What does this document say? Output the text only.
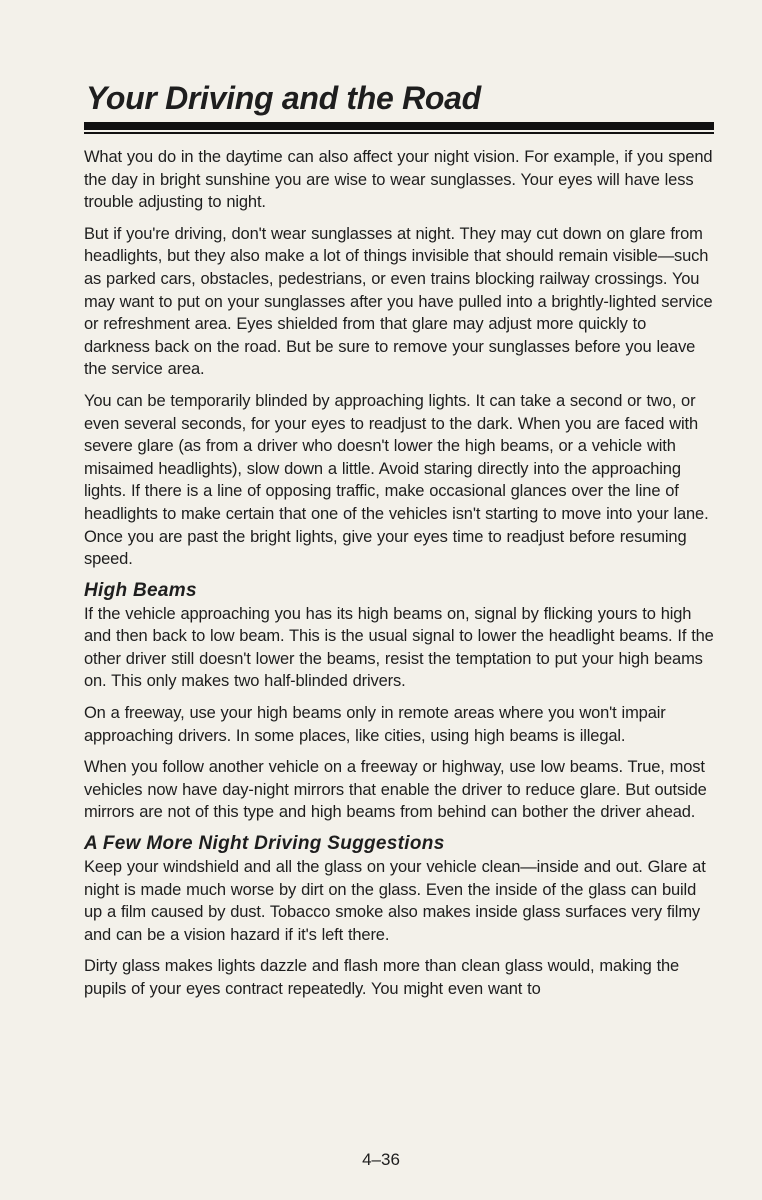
Your Driving and the Road

What you do in the daytime can also affect your night vision. For example, if you spend the day in bright sunshine you are wise to wear sunglasses. Your eyes will have less trouble adjusting to night.

But if you're driving, don't wear sunglasses at night. They may cut down on glare from headlights, but they also make a lot of things invisible that should remain visible—such as parked cars, obstacles, pedestrians, or even trains blocking railway crossings. You may want to put on your sunglasses after you have pulled into a brightly-lighted service or refreshment area. Eyes shielded from that glare may adjust more quickly to darkness back on the road. But be sure to remove your sunglasses before you leave the service area.

You can be temporarily blinded by approaching lights. It can take a second or two, or even several seconds, for your eyes to readjust to the dark. When you are faced with severe glare (as from a driver who doesn't lower the high beams, or a vehicle with misaimed headlights), slow down a little. Avoid staring directly into the approaching lights. If there is a line of opposing traffic, make occasional glances over the line of headlights to make certain that one of the vehicles isn't starting to move into your lane. Once you are past the bright lights, give your eyes time to readjust before resuming speed.

High Beams

If the vehicle approaching you has its high beams on, signal by flicking yours to high and then back to low beam. This is the usual signal to lower the headlight beams. If the other driver still doesn't lower the beams, resist the temptation to put your high beams on. This only makes two half-blinded drivers.

On a freeway, use your high beams only in remote areas where you won't impair approaching drivers. In some places, like cities, using high beams is illegal.

When you follow another vehicle on a freeway or highway, use low beams. True, most vehicles now have day-night mirrors that enable the driver to reduce glare. But outside mirrors are not of this type and high beams from behind can bother the driver ahead.

A Few More Night Driving Suggestions

Keep your windshield and all the glass on your vehicle clean—inside and out. Glare at night is made much worse by dirt on the glass. Even the inside of the glass can build up a film caused by dust. Tobacco smoke also makes inside glass surfaces very filmy and can be a vision hazard if it's left there.

Dirty glass makes lights dazzle and flash more than clean glass would, making the pupils of your eyes contract repeatedly. You might even want to

4–36
